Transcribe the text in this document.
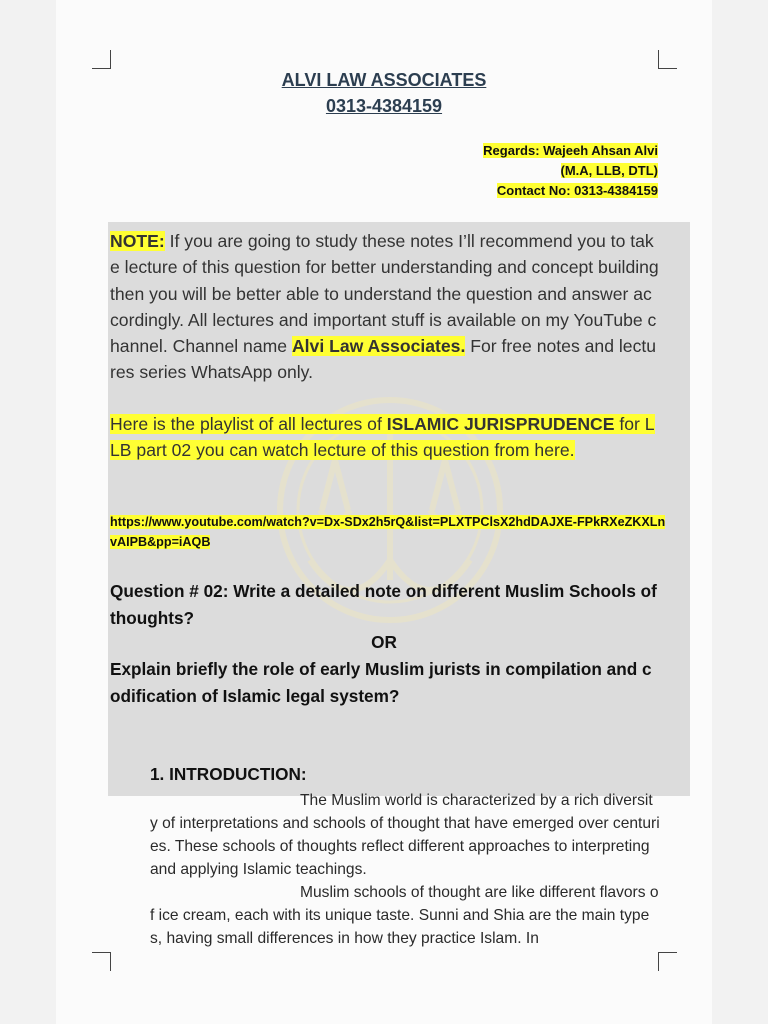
ALVI LAW ASSOCIATES
0313-4384159
Regards: Wajeeh Ahsan Alvi
(M.A, LLB, DTL)
Contact No: 0313-4384159
NOTE: If you are going to study these notes I’ll recommend you to take lecture of this question for better understanding and concept building then you will be better able to understand the question and answer accordingly. All lectures and important stuff is available on my YouTube channel. Channel name Alvi Law Associates. For free notes and lectures series WhatsApp only.
Here is the playlist of all lectures of ISLAMIC JURISPRUDENCE for LLB part 02 you can watch lecture of this question from here.
https://www.youtube.com/watch?v=Dx-SDx2h5rQ&list=PLXTPClsX2hdDAJXE-FPkRXeZKXLnvAIPB&pp=iAQB
Question # 02: Write a detailed note on different Muslim Schools of thoughts?
OR
Explain briefly the role of early Muslim jurists in compilation and codification of Islamic legal system?
1. INTRODUCTION:
The Muslim world is characterized by a rich diversity of interpretations and schools of thought that have emerged over centuries. These schools of thoughts reflect different approaches to interpreting and applying Islamic teachings.
Muslim schools of thought are like different flavors of ice cream, each with its unique taste. Sunni and Shia are the main types, having small differences in how they practice Islam. In
